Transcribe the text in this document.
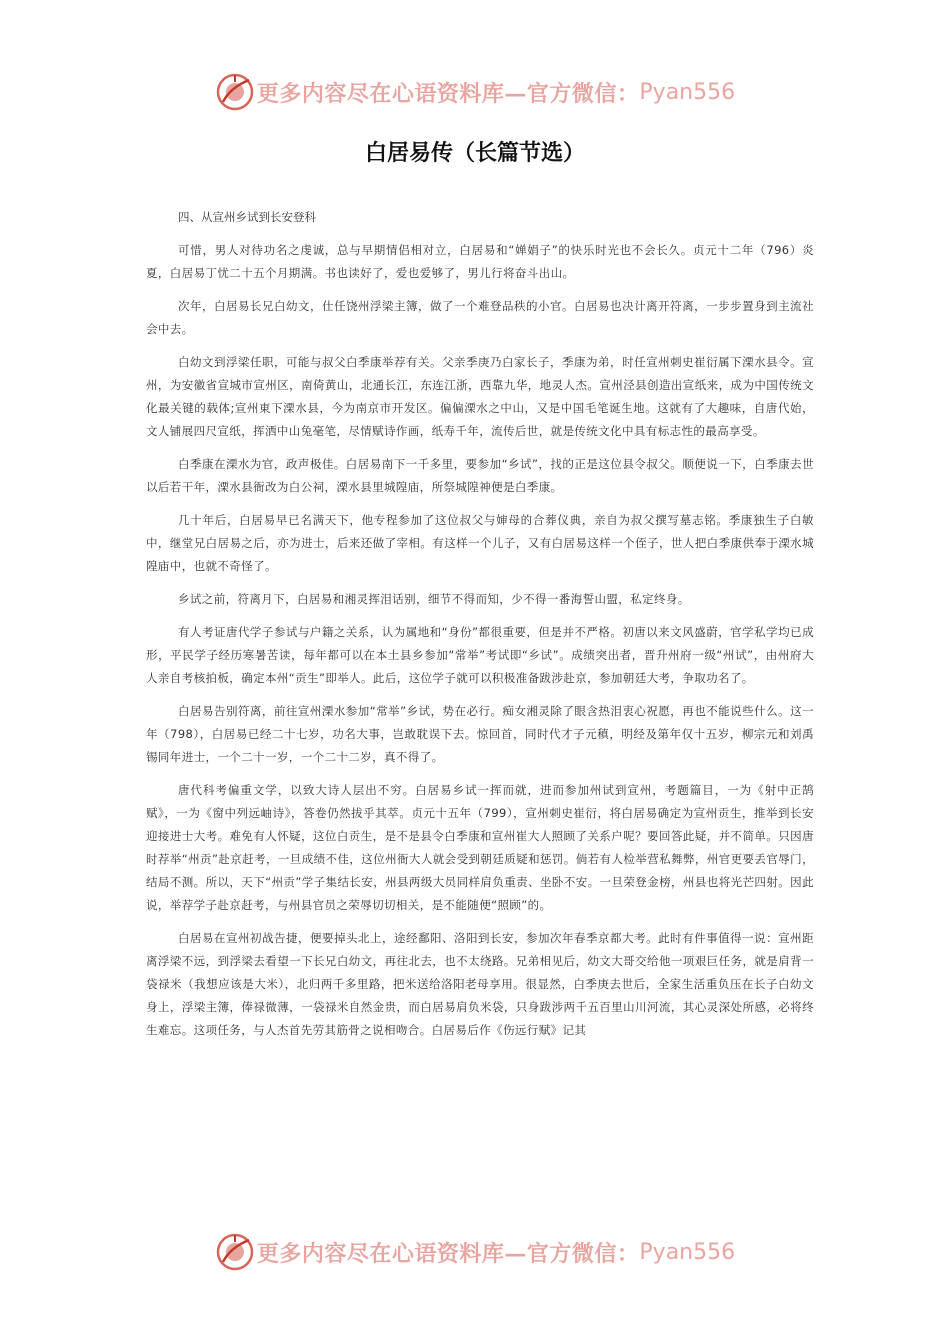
更多内容尽在心语资料库—官方微信： Pyan556
白居易传（长篇节选）

四、从宣州乡试到长安登科

可惜，男人对待功名之虔诚，总与早期情侣相对立，白居易和“婵娟子”的快乐时光也不会长久。贞元十二年（796）炎夏，白居易丁忧二十五个月期满。书也读好了，爱也爱够了，男儿行将奋斗出山。

次年，白居易长兄白幼文，仕任饶州浮梁主簿，做了一个难登品秩的小官。白居易也决计离开符离，一步步置身到主流社会中去。

白幼文到浮梁任职，可能与叔父白季康举荐有关。父亲季庚乃白家长子，季康为弟，时任宣州刺史崔衍属下溧水县令。宣州，为安徽省宣城市宣州区，南倚黄山，北通长江，东连江浙，西靠九华，地灵人杰。宣州泾县创造出宣纸来，成为中国传统文化最关键的载体;宣州東下溧水县，今为南京市开发区。偏偏溧水之中山，又是中国毛笔诞生地。这就有了大趣味，自唐代始，文人铺展四尺宣纸，挥洒中山兔毫笔，尽情赋诗作画，纸寿千年，流传后世，就是传统文化中具有标志性的最高享受。

白季康在溧水为官，政声极佳。白居易南下一千多里，要参加“乡试”，找的正是这位县令叔父。顺便说一下，白季康去世以后若干年，溧水县衙改为白公祠，溧水县里城隍庙，所祭城隍神便是白季康。

几十年后，白居易早已名满天下，他专程参加了这位叔父与婶母的合葬仪典，亲自为叔父撰写墓志铭。季康独生子白敏中，继堂兄白居易之后，亦为进士，后来还做了宰相。有这样一个儿子，又有白居易这样一个侄子，世人把白季康供奉于溧水城隍庙中，也就不奇怪了。

乡试之前，符离月下，白居易和湘灵挥泪话别，细节不得而知，少不得一番海誓山盟，私定终身。

有人考证唐代学子参试与户籍之关系，认为属地和“身份”都很重要，但是并不严格。初唐以来文风盛蔚，官学私学均已成形，平民学子经历寒暑苦读，每年都可以在本土县乡参加“常举”考试即“乡试”。成绩突出者，晋升州府一级“州试”，由州府大人亲自考核拍板，确定本州“贡生”即举人。此后，这位学子就可以积极准备跋涉赴京，参加朝廷大考，争取功名了。

白居易告别符离，前往宣州溧水参加“常举”乡试，势在必行。痴女湘灵除了眼含热泪衷心祝愿，再也不能说些什么。这一年（798），白居易已经二十七岁，功名大事，岂敢耽误下去。惊回首，同时代才子元稹，明经及第年仅十五岁，柳宗元和刘禹锡同年进士，一个二十一岁，一个二十二岁，真不得了。

唐代科考偏重文学，以致大诗人层出不穷。白居易乡试一挥而就，进而参加州试到宣州，考题篇目，一为《射中正鹄赋》，一为《窗中列远岫诗》，答卷仍然拔乎其萃。贞元十五年（799），宣州刺史崔衍，将白居易确定为宣州贡生，推举到长安迎接进士大考。难免有人怀疑，这位白贡生，是不是县令白季康和宣州崔大人照顾了关系户呢？要回答此疑，并不简单。只因唐时荐举“州贡”赴京赶考，一旦成绩不佳，这位州衙大人就会受到朝廷质疑和惩罚。倘若有人检举营私舞弊，州官更要丢官辱门，结局不测。所以，天下“州贡”学子集结长安，州县两级大员同样肩负重责、坐卧不安。一旦荣登金榜，州县也将光芒四射。因此说，举荐学子赴京赶考，与州县官员之荣辱切切相关，是不能随便“照顾”的。

白居易在宣州初战告捷，便要掉头北上，途经鄱阳、洛阳到长安，参加次年春季京都大考。此时有件事值得一说：宣州距离浮梁不远，到浮梁去看望一下长兄白幼文，再往北去，也不太绕路。兄弟相见后，幼文大哥交给他一项艰巨任务，就是肩背一袋禄米（我想应该是大米），北归两千多里路，把米送给洛阳老母享用。很显然，白季庚去世后，全家生活重负压在长子白幼文身上，浮梁主簿，俸禄微薄，一袋禄米自然金贵，而白居易肩负米袋，只身跋涉两千五百里山川河流，其心灵深处所感，必将终生难忘。这项任务，与人杰首先劳其筋骨之说相吻合。白居易后作《伤远行赋》记其

更多内容尽在心语资料库—官方微信： Pyan556
